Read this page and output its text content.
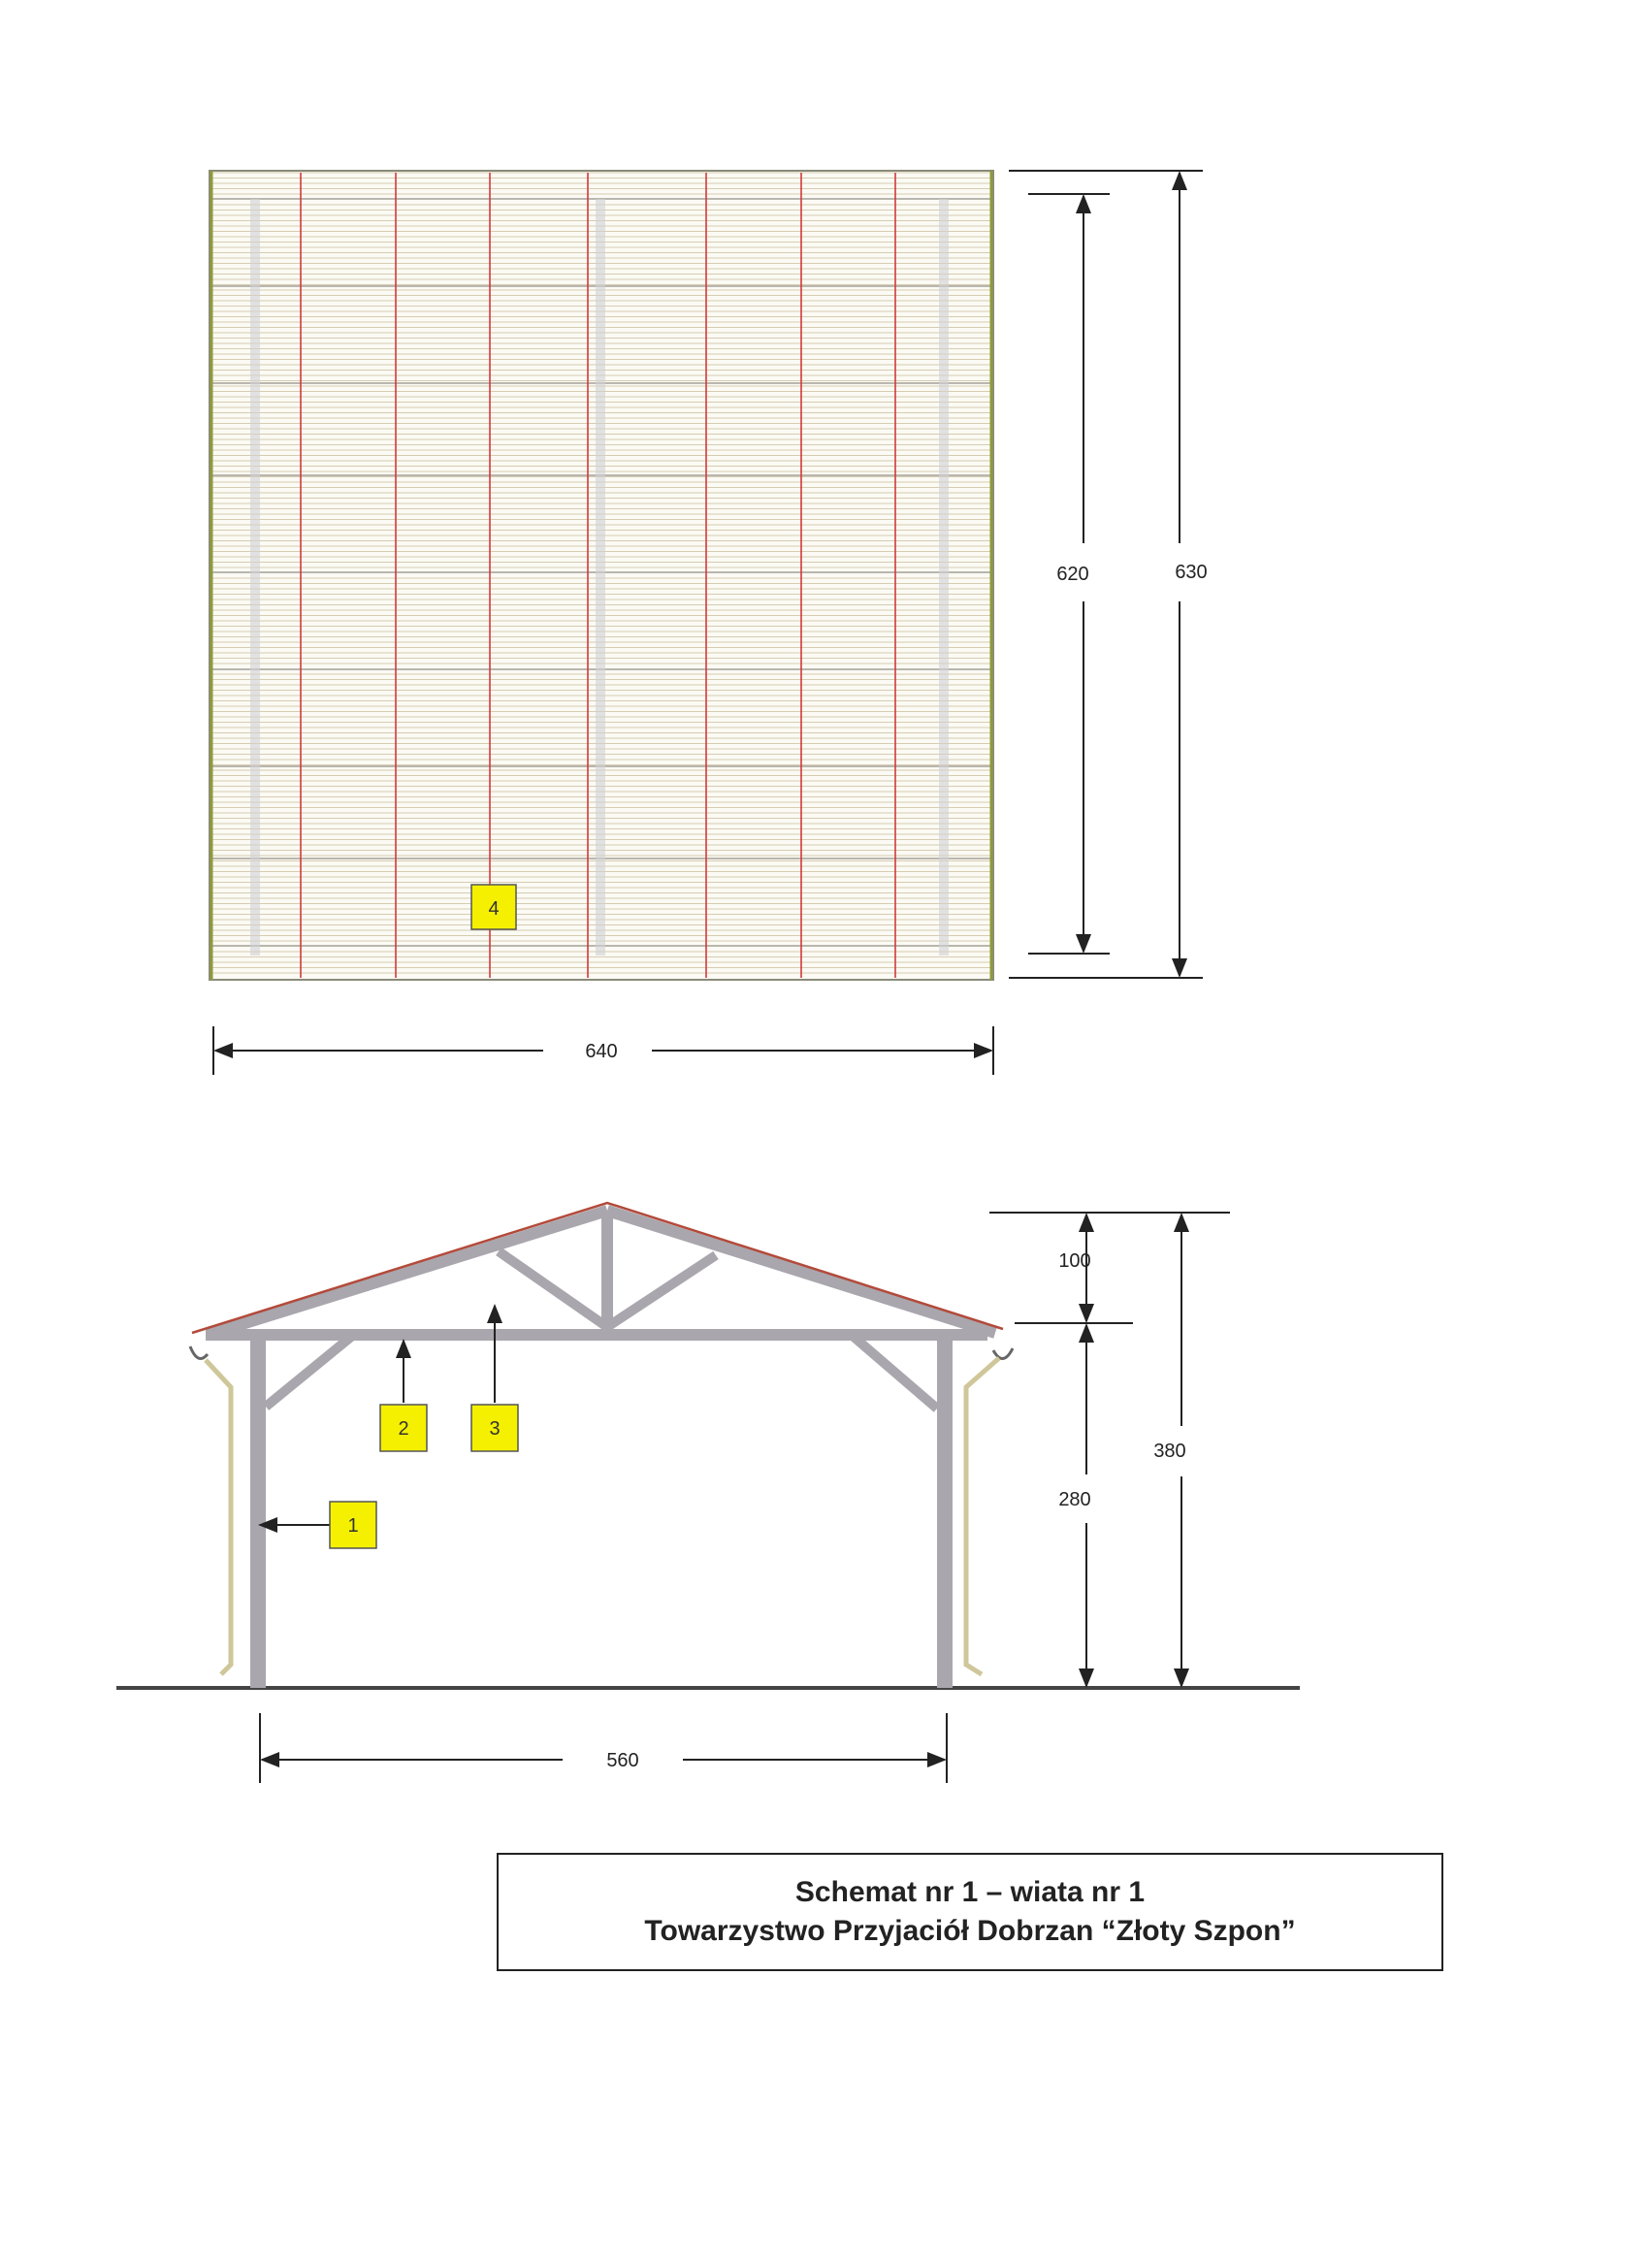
4
640
620	630
1
2	3
100
280
380
560
Schemat nr 1 – wiata nr 1
Towarzystwo Przyjaciół Dobrzan “Złoty Szpon”
